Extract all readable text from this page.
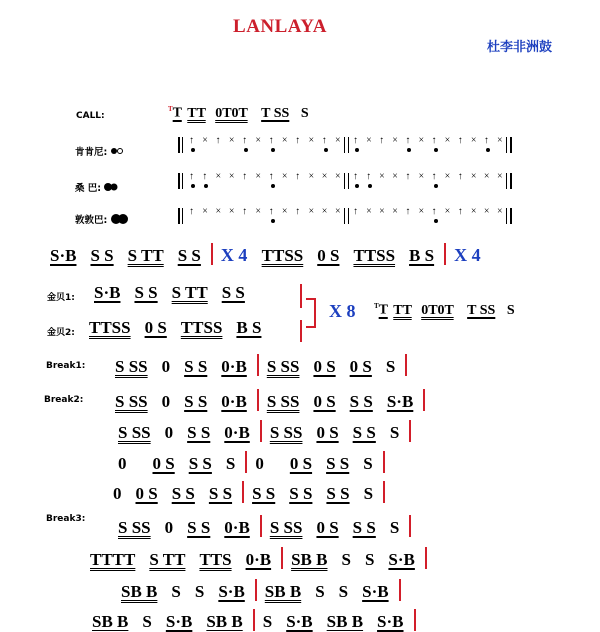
LANLAYA
杜李非洲鼓
CALL:
$^T$T TT 0T0T T SS S
肯肯尼:
桑 巴:
敦敦巴:
↑ × ↑ × ↑ × ↑ × ↑ × ↑ × ↑ × ↑ × ↑ × ↑ × ↑ × ↑ ×
↑ ↑ × × ↑ × ↑ × ↑ × × × ↑ ↑ × × ↑ × ↑ × ↑ × × ×
↑ × × × ↑ × ↑ × ↑ × × × ↑ × × × ↑ × ↑ × ↑ × × ×
S·B S S S TT S S X 4 TTSS 0 S TTSS B S X 4
金贝1: S·B S S S TT S S
金贝2: TTSS 0 S TTSS B S
X 8	$^T$T TT 0T0T T SS S
Break1: S SS 0 S S 0·B S SS 0 S 0 S S
Break2: S SS 0 S S 0·B S SS 0 S S S S·B
S SS 0 S S 0·B S SS 0 S S S S
0 0 S S S S 0 0 S S S S
0 0 S S S S S S S S S S S S
Break3: S SS 0 S S 0·B S SS 0 S S S S
TTTT S TT TTS 0·B SB B S S S·B
SB B S S S·B SB B S S S·B
SB B S S·B SB B S S·B SB B S·B
